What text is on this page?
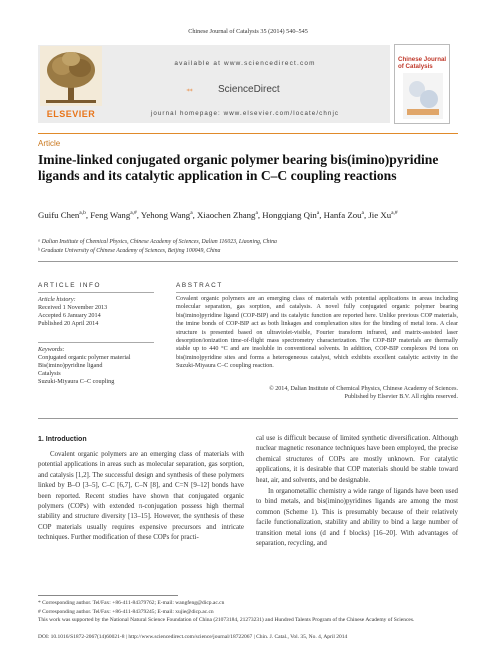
Chinese Journal of Catalysis 35 (2014) 540–545
ELSEVIER
available at www.sciencedirect.com
ScienceDirect
journal homepage: www.elsevier.com/locate/chnjc
Chinese Journal
of Catalysis
Article
Imine-linked conjugated organic polymer bearing bis(imino)pyridine ligands and its catalytic application in C–C coupling reactions
Guifu Chen$^{a,b}$, Feng Wang$^{a,\#}$, Yehong Wang$^a$, Xiaochen Zhang$^a$, Hongqiang Qin$^a$, Hanfa Zou$^a$, Jie $Xu^{a,\#}$
ᵃ Dalian Institute of Chemical Physics, Chinese Academy of Sciences, Dalian 116023, Liaoning, China
ᵇ Graduate University of Chinese Academy of Sciences, Beijing 100049, China
ARTICLE INFO	ABSTRACT
Article history:
Received 1 November 2013
Accepted 6 January 2014
Published 20 April 2014
Keywords:
Conjugated organic polymer material
Bis(imino)pyridine ligand
Catalysis
Suzuki-Miyaura C–C coupling
Covalent organic polymers are an emerging class of materials with potential applications in areas including molecular separation, gas sorption, and catalysis. A novel fully conjugated organic polymer bearing bis(imino)pyridine ligand (COP-BIP) and its catalytic function are reported here. Unlike previous COP materials, the imine bonds of COP-BIP act as both linkages and complexation sites for the binding of metal ions. A clear structure is presented based on ultraviolet-visible, Fourier transform infrared, and matrix-assisted laser desorption/ionization time-of-flight mass spectrometry characterization. The COP-BIP materials are thermally stable up to 440 °C and are insoluble in conventional solvents. In addition, COP-BIP complexes Pd ions on bis(imino)pyridine sites and forms a heterogeneous catalyst, which exhibits excellent catalytic activity in the Suzuki-Miyaura C–C coupling reaction.
© 2014, Dalian Institute of Chemical Physics, Chinese Academy of Sciences.
Published by Elsevier B.V. All rights reserved.
1. Introduction

Covalent organic polymers are an emerging class of materials with potential applications in areas such as molecular separation, gas sorption, and catalysis [1,2]. The successful design and synthesis of these polymers linked by B–O [3–5], C–C [6,7], C–N [8], and C=N [9–12] bonds have been reported. Recent studies have shown that conjugated organic polymers (COPs) with extended π-conjugation possess high thermal stability and structure diversity [13–15]. However, the synthesis of these COP materials usually requires expensive precursors and intricate techniques. Further modification of these COPs for practi-

cal use is difficult because of limited synthetic diversification. Although nuclear magnetic resonance techniques have been employed, the precise chemical structures of COPs are mostly unknown. For catalytic applications, it is desirable that COP materials should be stable toward heat, air, and solvents, and be designable.

In organometallic chemistry a wide range of ligands have been used to bind metals, and bis(imino)pyridines ligands are among the most common (Scheme 1). This is presumably because of their relatively facile functionalization, stability and ability to bind a large number of transition metal ions (d and f blocks) [16–20]. With advantages of separation, recycling, and

* Corresponding author. Tel/Fax: +86-411-84379762; E-mail: wangfeng@dicp.ac.cn
# Corresponding author. Tel/Fax: +86-411-84379245; E-mail: xujie@dicp.ac.cn
This work was supported by the National Natural Science Foundation of China (21073184, 21273231) and Hundred Talents Program of the Chinese Academy of Sciences.
DOI: 10.1016/S1872-2067(14)60021-8 | http://www.sciencedirect.com/science/journal/18722067 | Chin. J. Catal., Vol. 35, No. 4, April 2014
